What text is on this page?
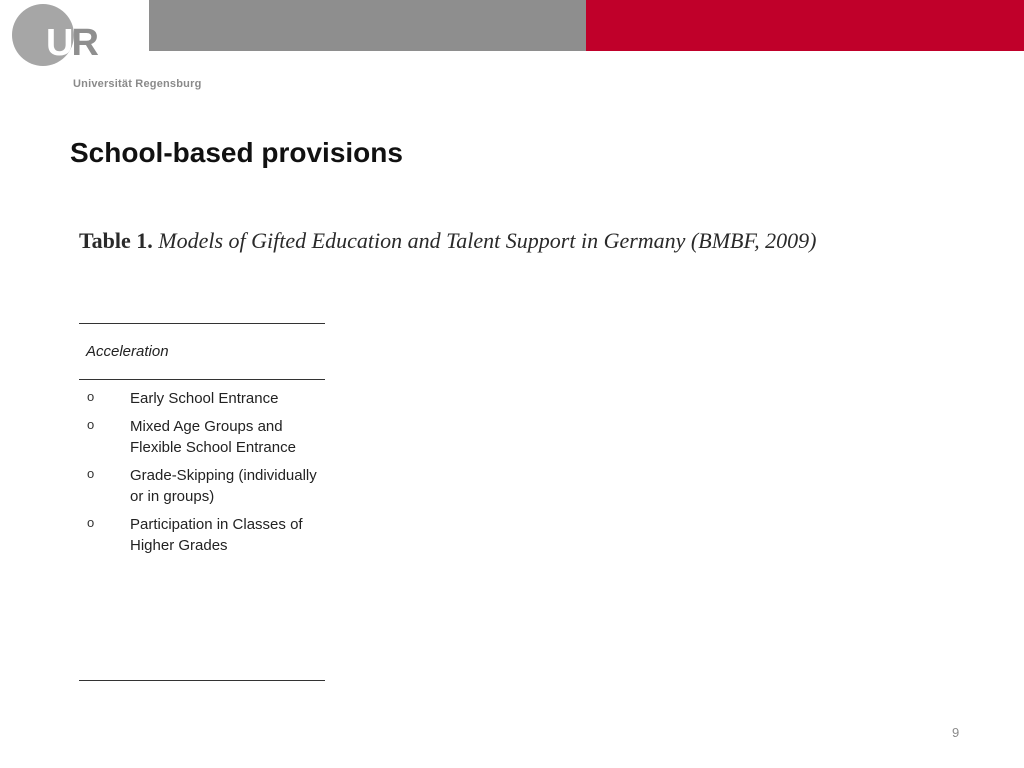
UR
Universität Regensburg
School-based provisions
Table 1. Models of Gifted Education and Talent Support in Germany (BMBF, 2009)
Acceleration
o Early School Entrance
o Mixed Age Groups and Flexible School Entrance
o Grade-Skipping (individually or in groups)
o Participation in Classes of Higher Grades
9
